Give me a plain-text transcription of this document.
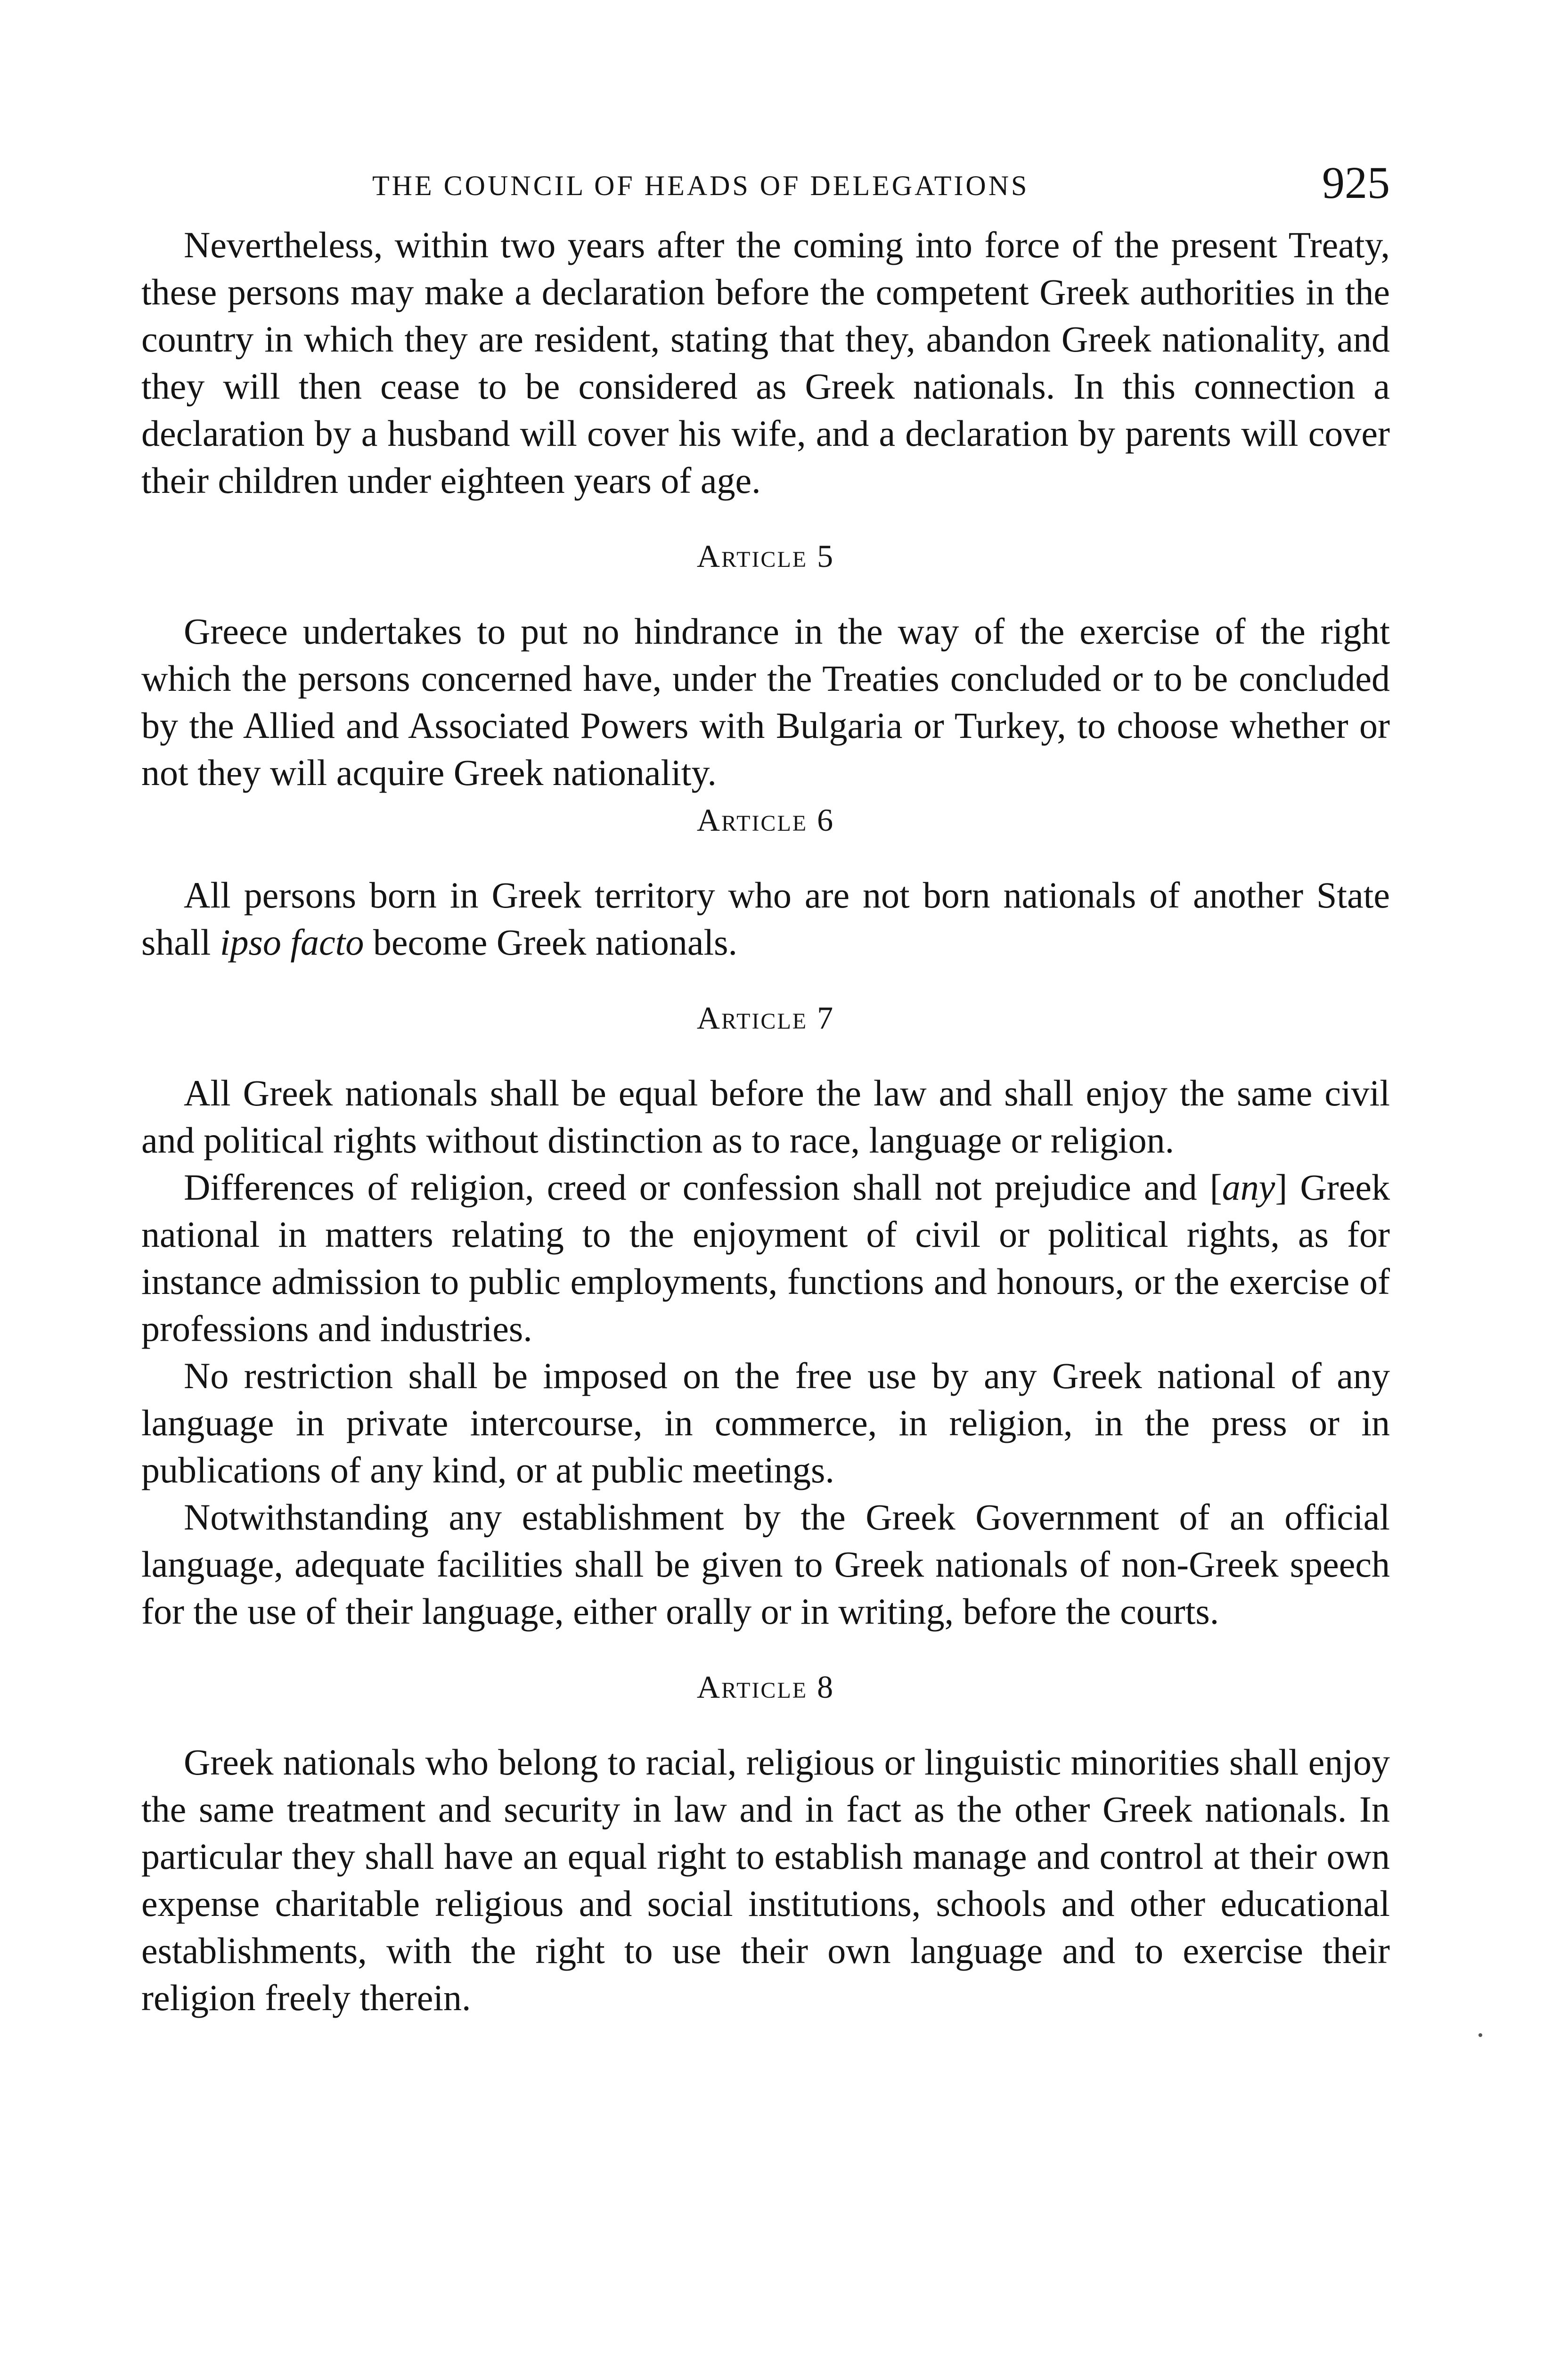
THE COUNCIL OF HEADS OF DELEGATIONS	925

Nevertheless, within two years after the coming into force of the present Treaty, these persons may make a declaration before the competent Greek authorities in the country in which they are resident, stating that they, abandon Greek nationality, and they will then cease to be considered as Greek nationals. In this connection a declaration by a husband will cover his wife, and a declaration by parents will cover their children under eighteen years of age.

Article 5

Greece undertakes to put no hindrance in the way of the exercise of the right which the persons concerned have, under the Treaties concluded or to be concluded by the Allied and Associated Powers with Bulgaria or Turkey, to choose whether or not they will acquire Greek nationality.

Article 6

All persons born in Greek territory who are not born nationals of another State shall ipso facto become Greek nationals.

Article 7

All Greek nationals shall be equal before the law and shall enjoy the same civil and political rights without distinction as to race, language or religion.

Differences of religion, creed or confession shall not prejudice and [any] Greek national in matters relating to the enjoyment of civil or political rights, as for instance admission to public employments, functions and honours, or the exercise of professions and industries.

No restriction shall be imposed on the free use by any Greek national of any language in private intercourse, in commerce, in religion, in the press or in publications of any kind, or at public meetings.

Notwithstanding any establishment by the Greek Government of an official language, adequate facilities shall be given to Greek nationals of non-Greek speech for the use of their language, either orally or in writing, before the courts.

Article 8

Greek nationals who belong to racial, religious or linguistic minorities shall enjoy the same treatment and security in law and in fact as the other Greek nationals. In particular they shall have an equal right to establish manage and control at their own expense charitable religious and social institutions, schools and other educational establishments, with the right to use their own language and to exercise their religion freely therein.
